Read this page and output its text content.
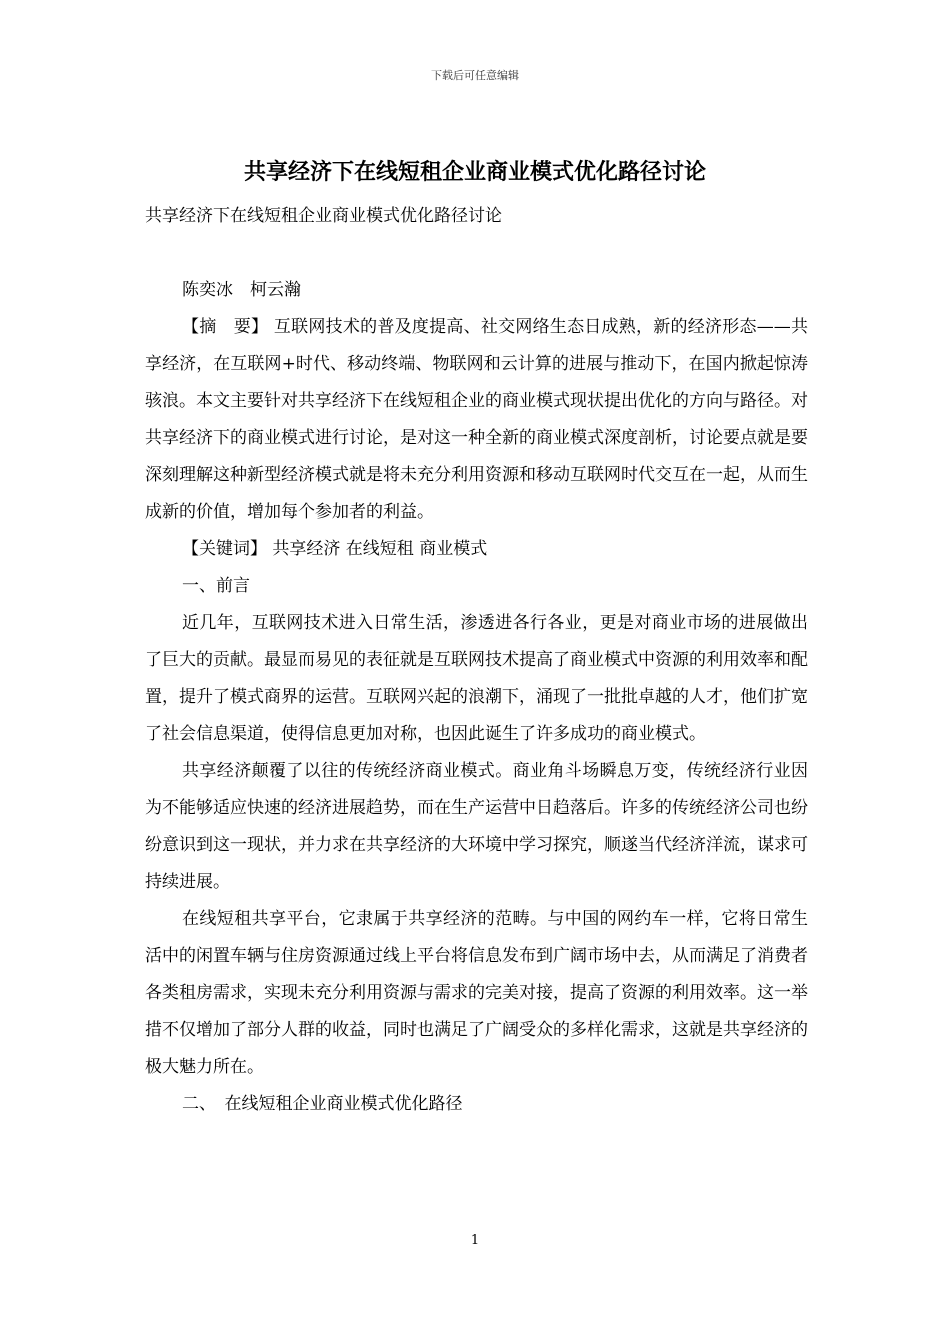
下载后可任意编辑
共享经济下在线短租企业商业模式优化路径讨论

共享经济下在线短租企业商业模式优化路径讨论

陈奕冰　柯云瀚

【摘　要】 互联网技术的普及度提高、社交网络生态日成熟，新的经济形态——共享经济，在互联网+时代、移动终端、物联网和云计算的进展与推动下，在国内掀起惊涛骇浪。本文主要针对共享经济下在线短租企业的商业模式现状提出优化的方向与路径。对共享经济下的商业模式进行讨论，是对这一种全新的商业模式深度剖析，讨论要点就是要深刻理解这种新型经济模式就是将未充分利用资源和移动互联网时代交互在一起，从而生成新的价值，增加每个参加者的利益。

【关键词】 共享经济 在线短租 商业模式

一、前言

近几年，互联网技术进入日常生活，渗透进各行各业，更是对商业市场的进展做出了巨大的贡献。最显而易见的表征就是互联网技术提高了商业模式中资源的利用效率和配置，提升了模式商界的运营。互联网兴起的浪潮下，涌现了一批批卓越的人才，他们扩宽了社会信息渠道，使得信息更加对称，也因此诞生了许多成功的商业模式。

共享经济颠覆了以往的传统经济商业模式。商业角斗场瞬息万变，传统经济行业因为不能够适应快速的经济进展趋势，而在生产运营中日趋落后。许多的传统经济公司也纷纷意识到这一现状，并力求在共享经济的大环境中学习探究，顺遂当代经济洋流，谋求可持续进展。

在线短租共享平台，它隶属于共享经济的范畴。与中国的网约车一样，它将日常生活中的闲置车辆与住房资源通过线上平台将信息发布到广阔市场中去，从而满足了消费者各类租房需求，实现未充分利用资源与需求的完美对接，提高了资源的利用效率。这一举措不仅增加了部分人群的收益，同时也满足了广阔受众的多样化需求，这就是共享经济的极大魅力所在。

二、　在线短租企业商业模式优化路径

1
